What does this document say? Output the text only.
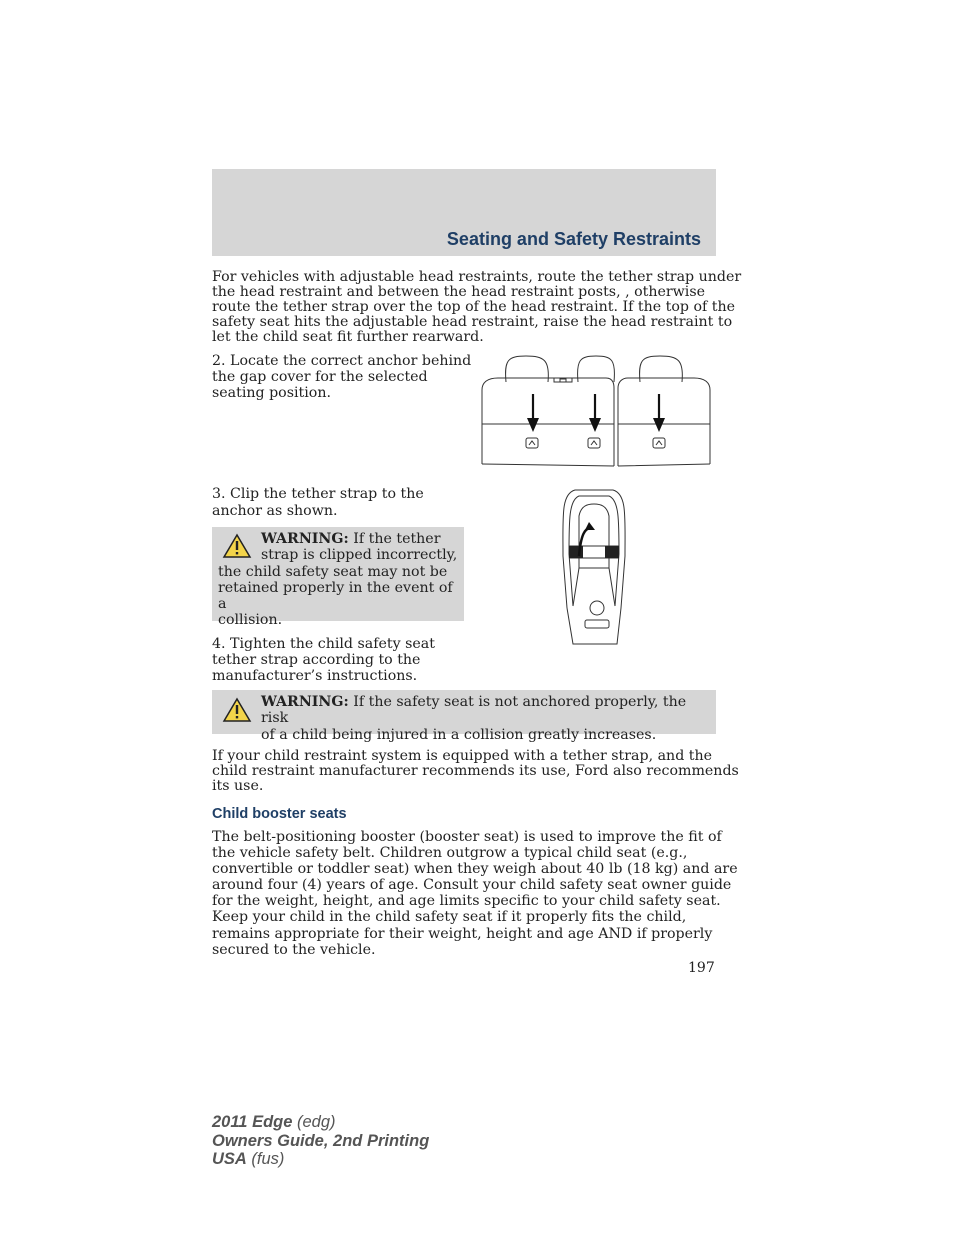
Seating and Safety Restraints
For vehicles with adjustable head restraints, route the tether strap under
the head restraint and between the head restraint posts, , otherwise
route the tether strap over the top of the head restraint. If the top of the
safety seat hits the adjustable head restraint, raise the head restraint to
let the child seat fit further rearward.
2. Locate the correct anchor behind
the gap cover for the selected
seating position.
3. Clip the tether strap to the
anchor as shown.
WARNING: If the tether
strap is clipped incorrectly,
the child safety seat may not be
retained properly in the event of a
collision.
4. Tighten the child safety seat
tether strap according to the
manufacturer’s instructions.
WARNING: If the safety seat is not anchored properly, the risk
of a child being injured in a collision greatly increases.
If your child restraint system is equipped with a tether strap, and the
child restraint manufacturer recommends its use, Ford also recommends
its use.
Child booster seats
The belt-positioning booster (booster seat) is used to improve the fit of
the vehicle safety belt. Children outgrow a typical child seat (e.g.,
convertible or toddler seat) when they weigh about 40 lb (18 kg) and are
around four (4) years of age. Consult your child safety seat owner guide
for the weight, height, and age limits specific to your child safety seat.
Keep your child in the child safety seat if it properly fits the child,
remains appropriate for their weight, height and age AND if properly
secured to the vehicle.
197
2011 Edge (edg)
Owners Guide, 2nd Printing
USA (fus)
